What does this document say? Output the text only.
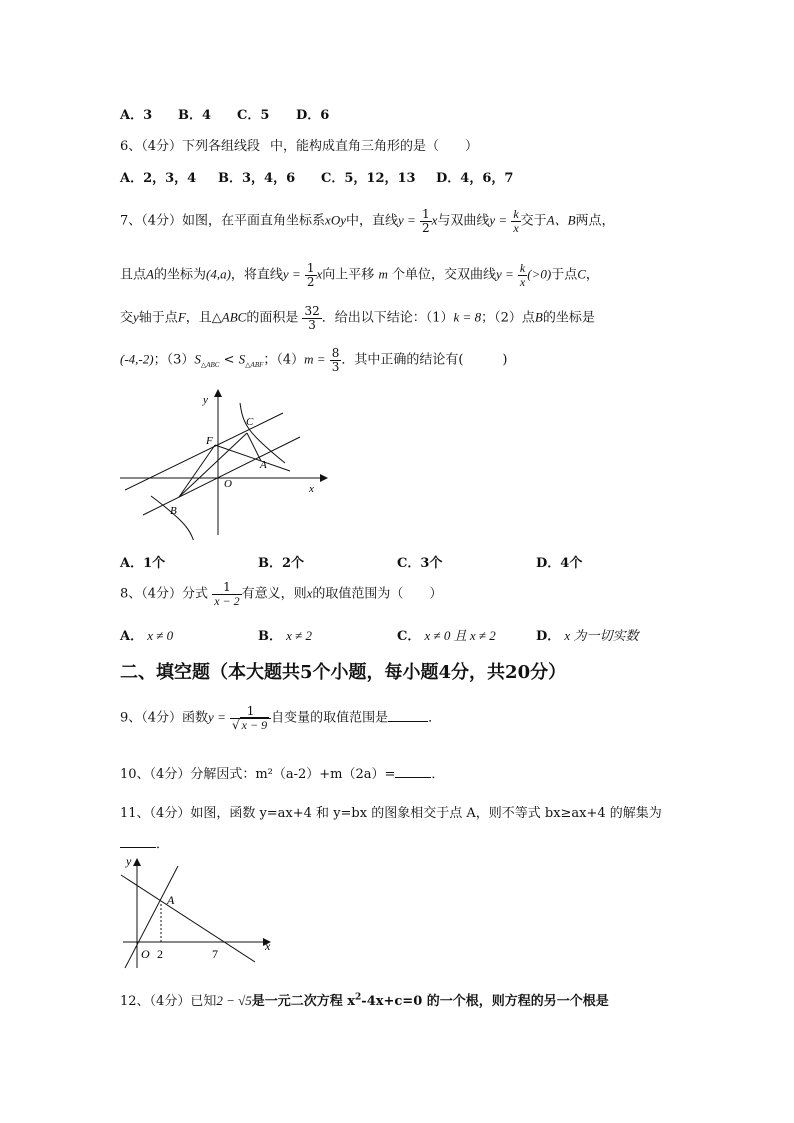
A．3 B．4 C．5 D．6
6、（4分）下列各组线段 中，能构成直角三角形的是（　　）
A．2，3，4 B．3，4，6 C．5，12，13 D．4，6，7
7、（4分）如图，在平面直角坐标系xOy中，直线$y = \frac{1}{2}$ x与双曲线$y = \frac{k}{x}$ 交于A、B两点，
且点A的坐标为(4,a)，将直线$y = \frac{1}{2}$ x向上平移 m 个单位，交双曲线$y = \frac{k}{x} (>0)$于点C，
交y轴于点F，且△ABC的面积是 $\frac{32}{3}$ ．给出以下结论：（1）k = 8；（2）点B的坐标是
(-4,-2)；$(3)S_{\triangle ABC} < S_{\triangle ABF}$；$(4)m = \frac{8}{3}$ ．其中正确的结论有(　　　)
y
x
O
A
B
C
F
A．1个	B．2个	C．3个	D．4个
8、（4分）分式 $\frac{1}{x - 2}$ 有意义，则x的取值范围为（　　）
A． x ≠ 0	B． x ≠ 2	C． x ≠ 0 且 x ≠ 2	D． x 为一切实数
二、填空题（本大题共5个小题，每小题4分，共20分）
9、（4分）函数$y = \frac{1}{√ x - 9}$ 自变量的取值范围是	．
10、（4分）分解因式：m²（a-2）+m（2a）=	．
11、（4分）如图，函数 y=ax+4 和 y=bx 的图象相交于点 A，则不等式 bx≥ax+4 的解集为
．
y
x
O
A
2	7
12、（4分）已知2 − √5是一元二次方程 $x^2-4x+c=0$ 的一个根，则方程的另一个根是
